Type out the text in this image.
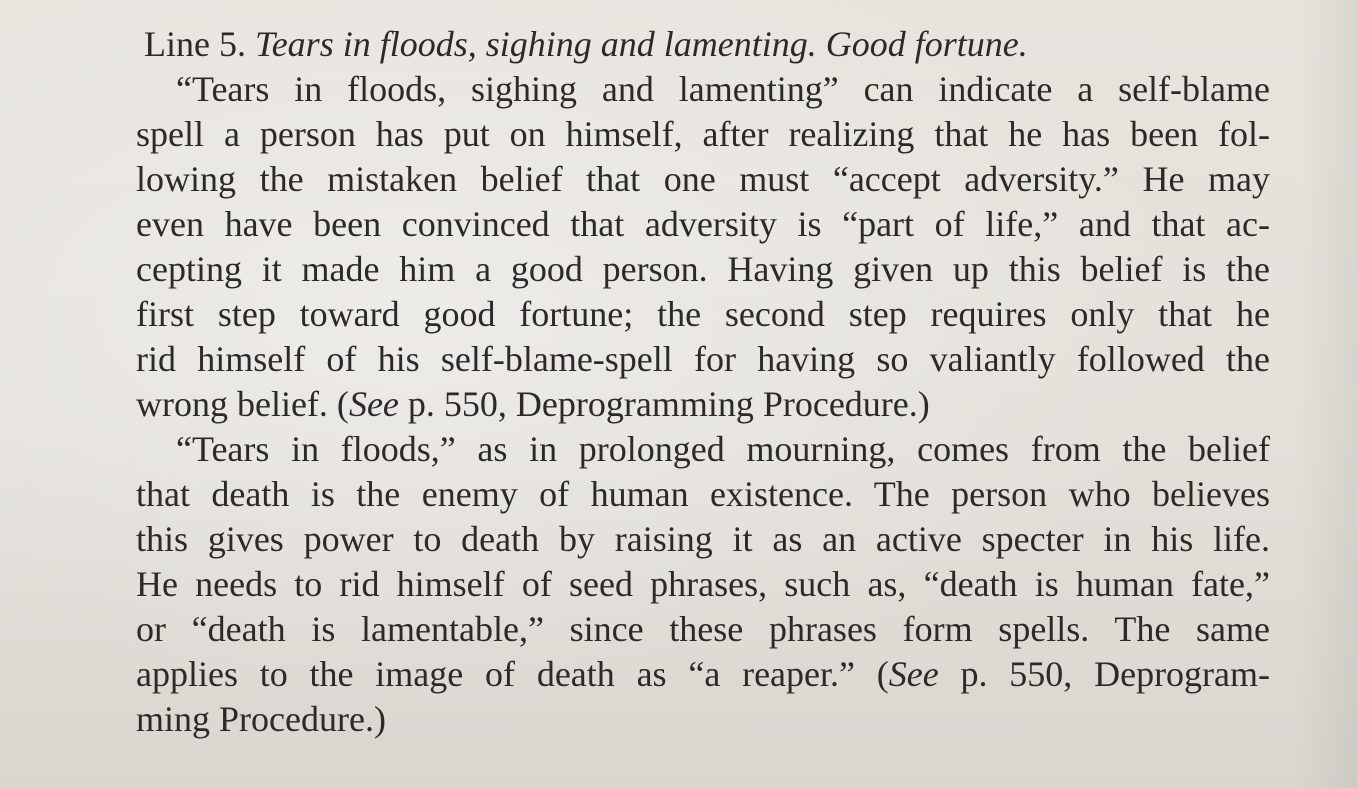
Line 5. Tears in floods, sighing and lamenting. Good fortune.
“Tears in floods, sighing and lamenting” can indicate a self-blame
spell a person has put on himself, after realizing that he has been fol-
lowing the mistaken belief that one must “accept adversity.” He may
even have been convinced that adversity is “part of life,” and that ac-
cepting it made him a good person. Having given up this belief is the
first step toward good fortune; the second step requires only that he
rid himself of his self-blame-spell for having so valiantly followed the
wrong belief. (See p. 550, Deprogramming Procedure.)
“Tears in floods,” as in prolonged mourning, comes from the belief
that death is the enemy of human existence. The person who believes
this gives power to death by raising it as an active specter in his life.
He needs to rid himself of seed phrases, such as, “death is human fate,”
or “death is lamentable,” since these phrases form spells. The same
applies to the image of death as “a reaper.” (See p. 550, Deprogram-
ming Procedure.)
